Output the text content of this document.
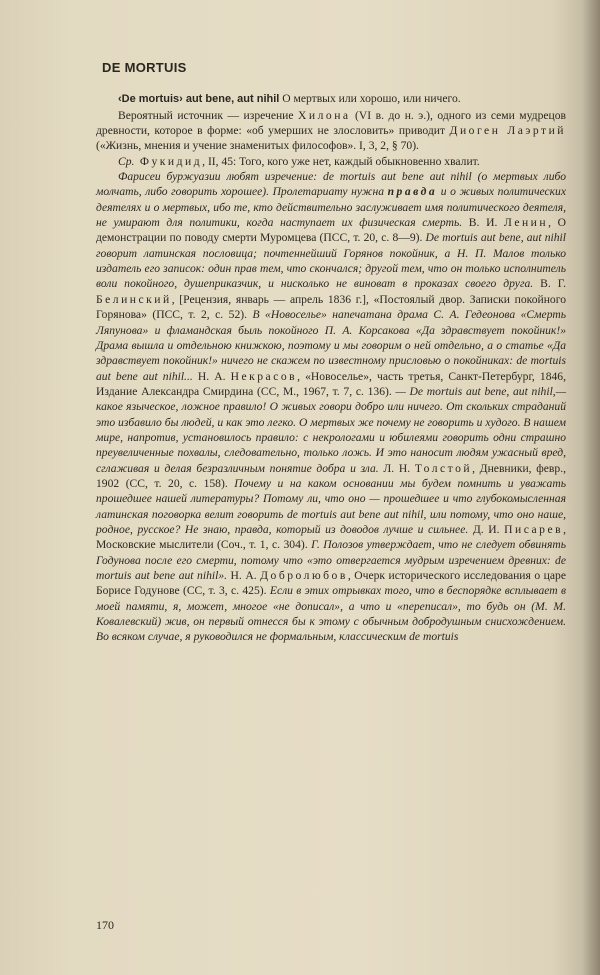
DE MORTUIS

‹De mortuis› aut bene, aut nihil О мертвых или хорошо, или ничего.

Вероятный источник — изречение Хилона (VI в. до н. э.), одного из семи мудрецов древности, которое в форме: «об умерших не злословить» приводит Диоген Лаэртий («Жизнь, мнения и учение знаменитых философов». I, 3, 2, § 70).

Ср. Фукидид, II, 45: Того, кого уже нет, каждый обыкновенно хвалит.

Фарисеи буржуазии любят изречение: de mortuis aut bene aut nihil (о мертвых либо молчать, либо говорить хорошее). Пролетариату нужна правда и о живых политических деятелях и о мертвых, ибо те, кто действительно заслуживает имя политического деятеля, не умирают для политики, когда наступает их физическая смерть. В. И. Ленин, О демонстрации по поводу смерти Муромцева (ПСС, т. 20, с. 8—9). De mortuis aut bene, aut nihil говорит латинская пословица; почтеннейший Горянов покойник, а Н. П. Малов только издатель его записок: один прав тем, что скончался; другой тем, что он только исполнитель воли покойного, душеприказчик, и нисколько не виноват в проказах своего друга. В. Г. Белинский, [Рецензия, январь — апрель 1836 г.], «Постоялый двор. Записки покойного Горянова» (ПСС, т. 2, с. 52). В «Новоселье» напечатана драма С. А. Гедеонова «Смерть Ляпунова» и фламандская быль покойного П. А. Корсакова «Да здравствует покойник!» Драма вышла и отдельною книжкою, поэтому и мы говорим о ней отдельно, а о статье «Да здравствует покойник!» ничего не скажем по известному присловью о покойниках: de mortuis aut bene aut nihil... Н. А. Некрасов, «Новоселье», часть третья, Санкт-Петербург, 1846, Издание Александра Смирдина (СС, М., 1967, т. 7, с. 136). — De mortuis aut bene, aut nihil,— какое языческое, ложное правило! О живых говори добро или ничего. От скольких страданий это избавило бы людей, и как это легко. О мертвых же почему не говорить и худого. В нашем мире, напротив, установилось правило: с некрологами и юбилеями говорить одни страшно преувеличенные похвалы, следовательно, только ложь. И это наносит людям ужасный вред, сглаживая и делая безразличным понятие добра и зла. Л. Н. Толстой, Дневники, февр., 1902 (СС, т. 20, с. 158). Почему и на каком основании мы будем помнить и уважать прошедшее нашей литературы? Потому ли, что оно — прошедшее и что глубокомысленная латинская поговорка велит говорить de mortuis aut bene aut nihil, или потому, что оно наше, родное, русское? Не знаю, правда, который из доводов лучше и сильнее. Д. И. Писарев, Московские мыслители (Соч., т. 1, с. 304). Г. Полозов утверждает, что не следует обвинять Годунова после его смерти, потому что «это отвергается мудрым изречением древних: de mortuis aut bene aut nihil». Н. А. Добролюбов, Очерк исторического исследования о царе Борисе Годунове (СС, т. 3, с. 425). Если в этих отрывках того, что в беспорядке всплывает в моей памяти, я, может, многое «не дописал», а что и «переписал», то будь он (М. М. Ковалевский) жив, он первый отнесся бы к этому с обычным добродушным снисхождением. Во всяком случае, я руководился не формальным, классическим de mortuis

170
